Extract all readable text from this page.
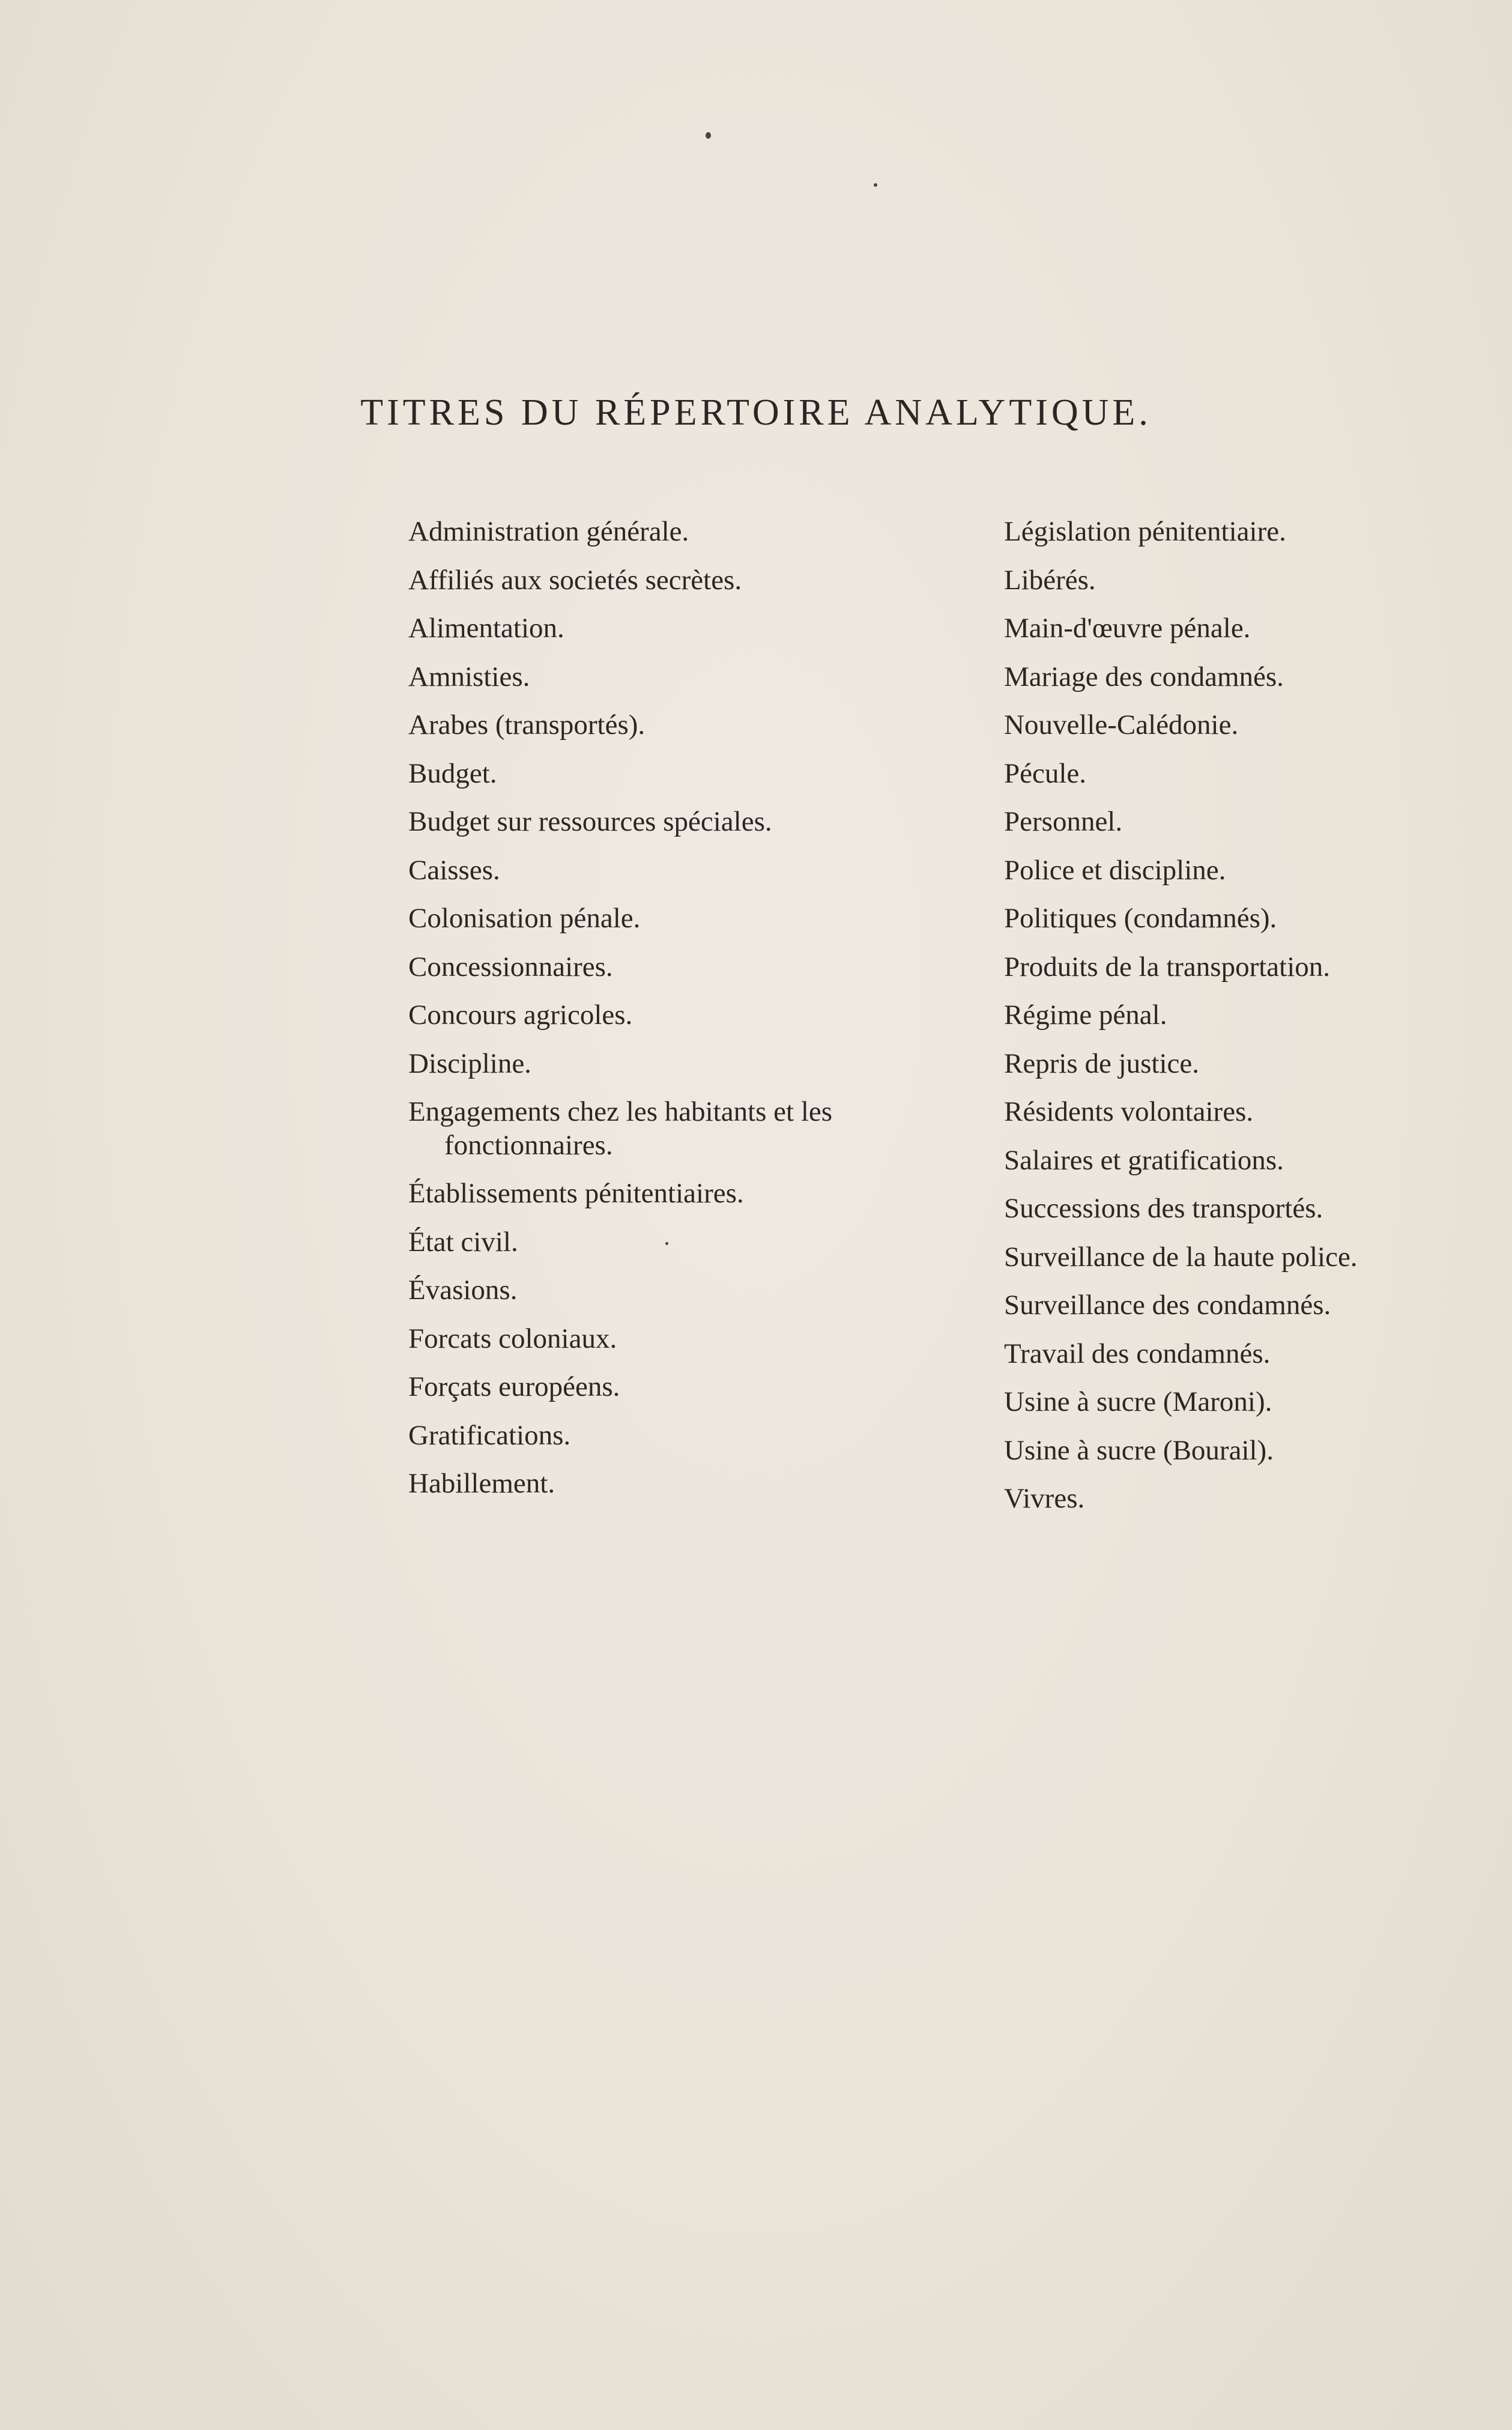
TITRES DU RÉPERTOIRE ANALYTIQUE.
Administration générale.
Affiliés aux societés secrètes.
Alimentation.
Amnisties.
Arabes (transportés).
Budget.
Budget sur ressources spéciales.
Caisses.
Colonisation pénale.
Concessionnaires.
Concours agricoles.
Discipline.
Engagements chez les habitants et les
fonctionnaires.
Établissements pénitentiaires.
État civil.
Évasions.
Forcats coloniaux.
Forçats européens.
Gratifications.
Habillement.
Législation pénitentiaire.
Libérés.
Main-d'œuvre pénale.
Mariage des condamnés.
Nouvelle-Calédonie.
Pécule.
Personnel.
Police et discipline.
Politiques (condamnés).
Produits de la transportation.
Régime pénal.
Repris de justice.
Résidents volontaires.
Salaires et gratifications.
Successions des transportés.
Surveillance de la haute police.
Surveillance des condamnés.
Travail des condamnés.
Usine à sucre (Maroni).
Usine à sucre (Bourail).
Vivres.
